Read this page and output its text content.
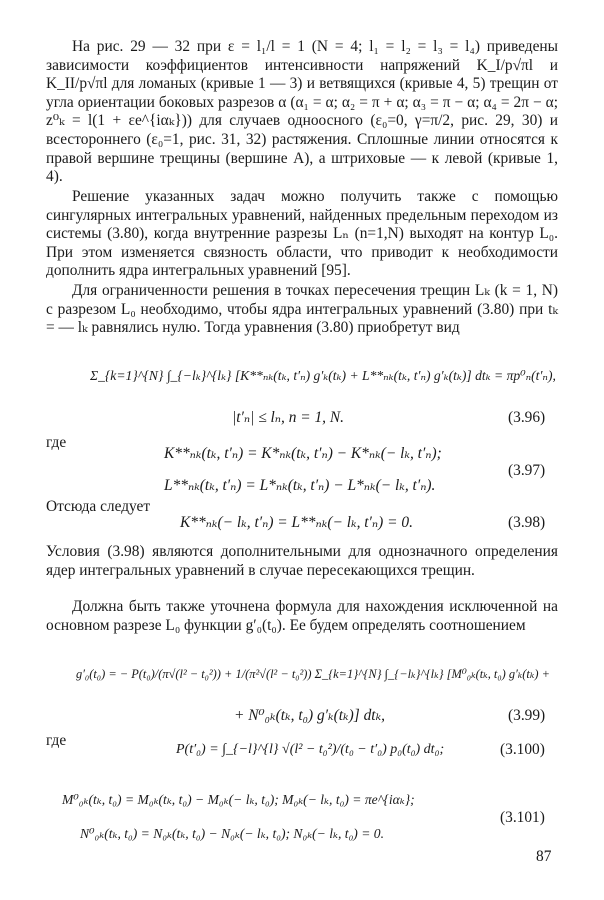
На рис. 29 — 32 при ε = l₁/l = 1 (N = 4; l₁ = l₂ = l₃ = l₄) приведены зависимости коэффициентов интенсивности напряжений K_I/p√πl и K_II/p√πl для ломаных (кривые 1 — 3) и ветвящихся (кривые 4, 5) трещин от угла ориентации боковых разрезов α (α₁ = α; α₂ = π + α; α₃ = π − α; α₄ = 2π − α; z⁰ₖ = l(1 + εe^{iαₖ})) для случаев одноосного (ε₀=0, γ=π/2, рис. 29, 30) и всестороннего (ε₀=1, рис. 31, 32) растяжения. Сплошные линии относятся к правой вершине трещины (вершине A), а штриховые — к левой (кривые 1, 4).
Решение указанных задач можно получить также с помощью сингулярных интегральных уравнений, найденных предельным переходом из системы (3.80), когда внутренние разрезы Lₙ (n=1,N) выходят на контур L₀. При этом изменяется связность области, что приводит к необходимости дополнить ядра интегральных уравнений [95].
Для ограниченности решения в точках пересечения трещин Lₖ (k = 1, N) с разрезом L₀ необходимо, чтобы ядра интегральных уравнений (3.80) при tₖ = — lₖ равнялись нулю. Тогда уравнения (3.80) приобретут вид
Σ_{k=1}^{N} ∫_{−lₖ}^{lₖ} [K**ₙₖ(tₖ, t′ₙ) g′ₖ(tₖ) + L**ₙₖ(tₖ, t′ₙ) g′ₖ(tₖ)] dtₖ = πp⁰ₙ(t′ₙ),
|t′ₙ| ≤ lₙ, n = 1, N.	(3.96)
где
K**ₙₖ(tₖ, t′ₙ) = K*ₙₖ(tₖ, t′ₙ) − K*ₙₖ(− lₖ, t′ₙ);
(3.97)
L**ₙₖ(tₖ, t′ₙ) = L*ₙₖ(tₖ, t′ₙ) − L*ₙₖ(− lₖ, t′ₙ).
Отсюда следует
K**ₙₖ(− lₖ, t′ₙ) = L**ₙₖ(− lₖ, t′ₙ) = 0.	(3.98)
Условия (3.98) являются дополнительными для однозначного определения ядер интегральных уравнений в случае пересекающихся трещин.
Должна быть также уточнена формула для нахождения исключенной на основном разрезе L₀ функции g′₀(t₀). Ее будем определять соотношением
g′₀(t₀) = − P(t₀)/(π√(l² − t₀²)) + 1/(π²√(l² − t₀²)) Σ_{k=1}^{N} ∫_{−lₖ}^{lₖ} [M⁰₀ₖ(tₖ, t₀) g′ₖ(tₖ) +
+ N⁰₀ₖ(tₖ, t₀) g′ₖ(tₖ)] dtₖ,	(3.99)
где
P(t′₀) = ∫_{−l}^{l} √(l² − t₀²)/(t₀ − t′₀) p₀(t₀) dt₀;	(3.100)
M⁰₀ₖ(tₖ, t₀) = M₀ₖ(tₖ, t₀) − M₀ₖ(− lₖ, t₀); M₀ₖ(− lₖ, t₀) = πe^{iαₖ};
(3.101)
N⁰₀ₖ(tₖ, t₀) = N₀ₖ(tₖ, t₀) − N₀ₖ(− lₖ, t₀); N₀ₖ(− lₖ, t₀) = 0.
87
